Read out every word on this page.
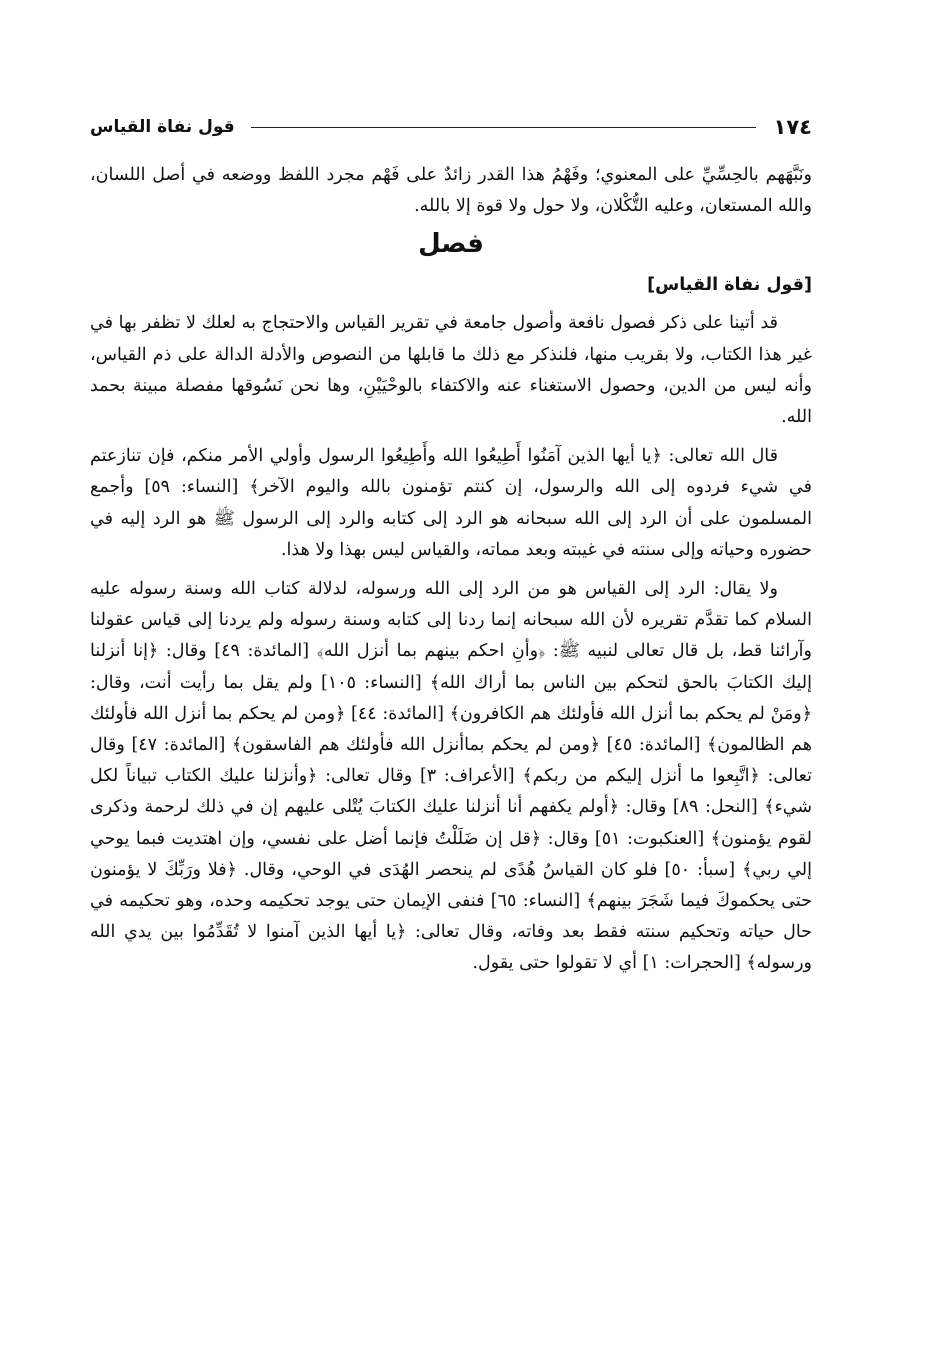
١٧٤
قول نفاة القياس

ونَبَّهَهم بالحِسِّيِّ على المعنوي؛ وفَهْمُ هذا القدر زائدٌ على فَهْم مجرد اللفظ ووضعه في أصل اللسان، والله المستعان، وعليه التُّكْلان، ولا حول ولا قوة إلا بالله.

فصل
[قول نفاة القياس]

قد أتينا على ذكر فصول نافعة وأصول جامعة في تقرير القياس والاحتجاج به لعلك لا تظفر بها في غير هذا الكتاب، ولا بقريب منها، فلنذكر مع ذلك ما قابلها من النصوص والأدلة الدالة على ذم القياس، وأنه ليس من الدين، وحصول الاستغناء عنه والاكتفاء بالوحْيَيْنِ، وها نحن نَسُوقها مفصلة مبينة بحمد الله.

قال الله تعالى: ﴿يا أيها الذين آمَنُوا أَطِيعُوا الله وأَطِيعُوا الرسول وأولي الأمر منكم، فإن تنازعتم في شيء فردوه إلى الله والرسول، إن كنتم تؤمنون بالله واليوم الآخر﴾ [النساء: ٥٩] وأجمع المسلمون على أن الرد إلى الله سبحانه هو الرد إلى كتابه والرد إلى الرسول ﷺ هو الرد إليه في حضوره وحياته وإلى سنته في غيبته وبعد مماته، والقياس ليس بهذا ولا هذا.

ولا يقال: الرد إلى القياس هو من الرد إلى الله ورسوله، لدلالة كتاب الله وسنة رسوله عليه السلام كما تقدَّم تقريره لأن الله سبحانه إنما ردنا إلى كتابه وسنة رسوله ولم يردنا إلى قياس عقولنا وآرائنا قط، بل قال تعالى لنبيه ﷺ: ﴿وأنِ احكم بينهم بما أنزل الله﴾ [المائدة: ٤٩] وقال: ﴿إنا أنزلنا إليك الكتابَ بالحق لتحكم بين الناس بما أراك الله﴾ [النساء: ١٠٥] ولم يقل بما رأيت أنت، وقال: ﴿ومَنْ لم يحكم بما أنزل الله فأولئك هم الكافرون﴾ [المائدة: ٤٤] ﴿ومن لم يحكم بما أنزل الله فأولئك هم الظالمون﴾ [المائدة: ٤٥] ﴿ومن لم يحكم بماأنزل الله فأولئك هم الفاسقون﴾ [المائدة: ٤٧] وقال تعالى: ﴿اتَّبِعوا ما أنزل إليكم من ربكم﴾ [الأعراف: ٣] وقال تعالى: ﴿وأنزلنا عليك الكتاب تبياناً لكل شيء﴾ [النحل: ٨٩] وقال: ﴿أولم يكفهم أنا أنزلنا عليك الكتابَ يُتْلى عليهم إن في ذلك لرحمة وذكرى لقوم يؤمنون﴾ [العنكبوت: ٥١] وقال: ﴿قل إن ضَلَلْتُ فإنما أضل على نفسي، وإن اهتديت فبما يوحي إلي ربي﴾ [سبأ: ٥٠] فلو كان القياسُ هُدًى لم ينحصر الهُدَى في الوحي، وقال. ﴿فلا ورَبِّكَ لا يؤمنون حتى يحكموكَ فيما شَجَرَ بينهم﴾ [النساء: ٦٥] فنفى الإيمان حتى يوجد تحكيمه وحده، وهو تحكيمه في حال حياته وتحكيم سنته فقط بعد وفاته، وقال تعالى: ﴿يا أيها الذين آمنوا لا تُقَدِّمُوا بين يدي الله ورسوله﴾ [الحجرات: ١] أي لا تقولوا حتى يقول.
